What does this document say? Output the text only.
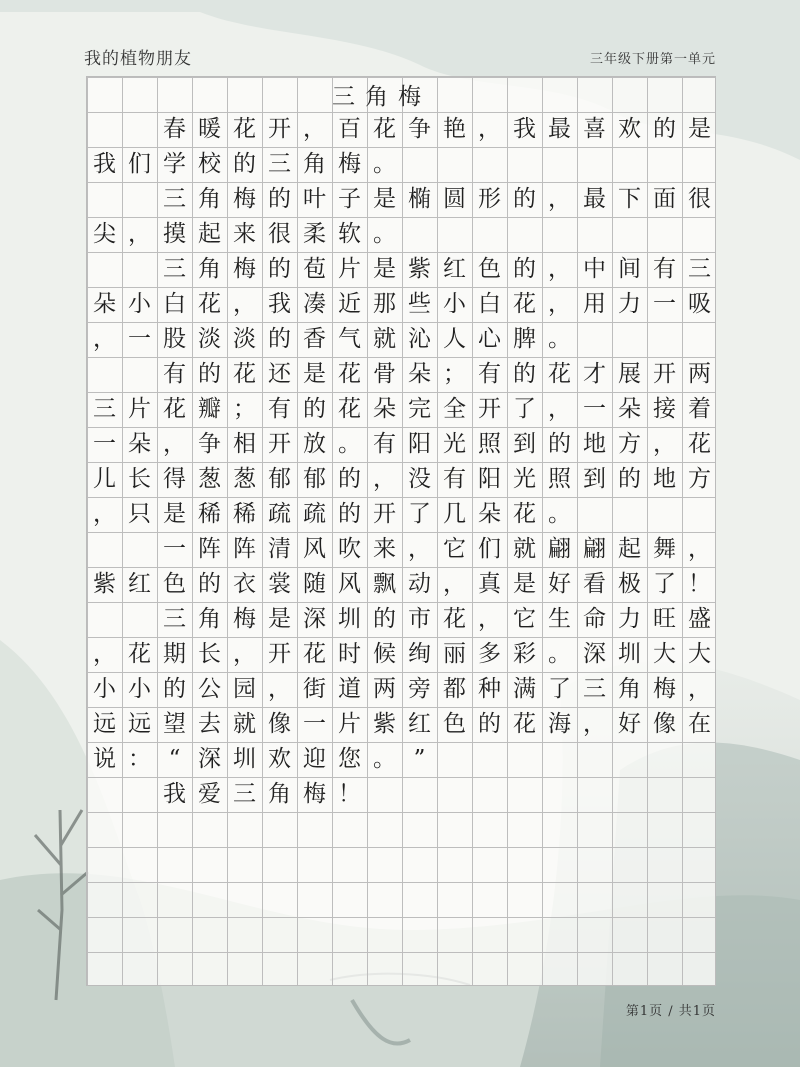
我的植物朋友	三年级下册第一单元
三角梅
春 暖 花 开 ， 百 花 争 艳 ， 我 最 喜 欢 的 是
我 们 学 校 的 三 角 梅 。
三 角 梅 的 叶 子 是 椭 圆 形 的 ， 最 下 面 很
尖 ， 摸 起 来 很 柔 软 。
三 角 梅 的 苞 片 是 紫 红 色 的 ， 中 间 有 三
朵 小 白 花 ， 我 凑 近 那 些 小 白 花 ， 用 力 一 吸
， 一 股 淡 淡 的 香 气 就 沁 人 心 脾 。
有 的 花 还 是 花 骨 朵 ； 有 的 花 才 展 开 两
三 片 花 瓣 ； 有 的 花 朵 完 全 开 了 ， 一 朵 接 着
一 朵 ， 争 相 开 放 。 有 阳 光 照 到 的 地 方 ， 花
儿 长 得 葱 葱 郁 郁 的 ， 没 有 阳 光 照 到 的 地 方
， 只 是 稀 稀 疏 疏 的 开 了 几 朵 花 。
一 阵 阵 清 风 吹 来 ， 它 们 就 翩 翩 起 舞 ，
紫 红 色 的 衣 裳 随 风 飘 动 ， 真 是 好 看 极 了 ！
三 角 梅 是 深 圳 的 市 花 ， 它 生 命 力 旺 盛
， 花 期 长 ， 开 花 时 候 绚 丽 多 彩 。 深 圳 大 大
小 小 的 公 园 ， 街 道 两 旁 都 种 满 了 三 角 梅 ，
远 远 望 去 就 像 一 片 紫 红 色 的 花 海 ， 好 像 在
说 ： “ 深 圳 欢 迎 您 。 ”
我 爱 三 角 梅 ！
第1页 / 共1页
